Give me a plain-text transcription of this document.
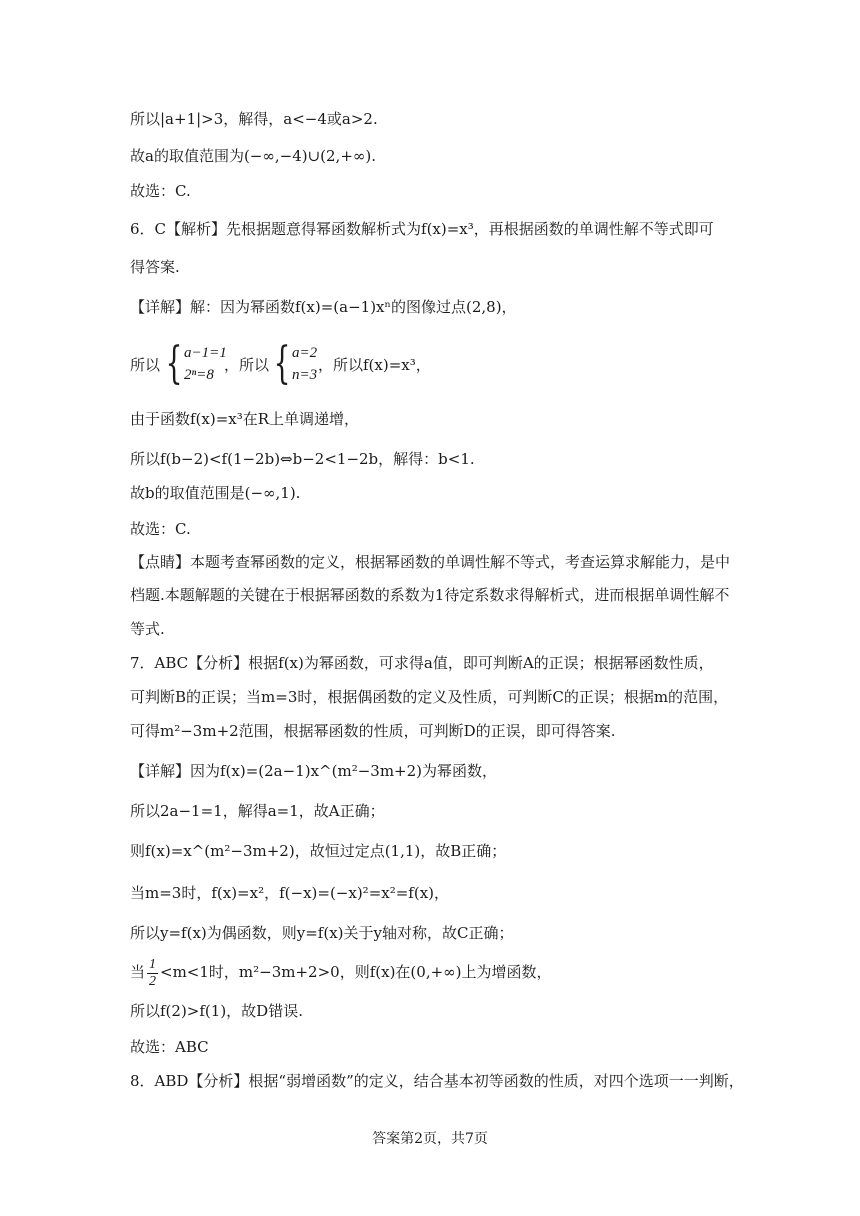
所以|a+1|>3，解得，a<−4或a>2.
故a的取值范围为(−∞,−4)∪(2,+∞).
故选：C.
6．C【解析】先根据题意得幂函数解析式为f(x)=x³，再根据函数的单调性解不等式即可
得答案.
【详解】解：因为幂函数f(x)=(a−1)xⁿ的图像过点(2,8)，
所以 { a−1=1
2ⁿ=8
，所以 { a=2
n=3
，所以f(x)=x³，
由于函数f(x)=x³在R上单调递增，
所以f(b−2)<f(1−2b)⇔b−2<1−2b，解得：b<1.
故b的取值范围是(−∞,1).
故选：C.
【点睛】本题考查幂函数的定义，根据幂函数的单调性解不等式，考查运算求解能力，是中
档题.本题解题的关键在于根据幂函数的系数为1待定系数求得解析式，进而根据单调性解不
等式.
7．ABC【分析】根据f(x)为幂函数，可求得a值，即可判断A的正误；根据幂函数性质，
可判断B的正误；当m=3时，根据偶函数的定义及性质，可判断C的正误；根据m的范围，
可得m²−3m+2范围，根据幂函数的性质，可判断D的正误，即可得答案.
【详解】因为f(x)=(2a−1)x^(m²−3m+2)为幂函数，
所以2a−1=1，解得a=1，故A正确；
则f(x)=x^(m²−3m+2)，故恒过定点(1,1)，故B正确；
当m=3时，f(x)=x²，f(−x)=(−x)²=x²=f(x)，
所以y=f(x)为偶函数，则y=f(x)关于y轴对称，故C正确；
当 $\frac{1}{2} <m<1$时，m²−3m+2>0，则f(x)在(0,+∞)上为增函数，
所以f(2)>f(1)，故D错误.
故选：ABC
8．ABD【分析】根据“弱增函数”的定义，结合基本初等函数的性质，对四个选项一一判断，
答案第2页，共7页
